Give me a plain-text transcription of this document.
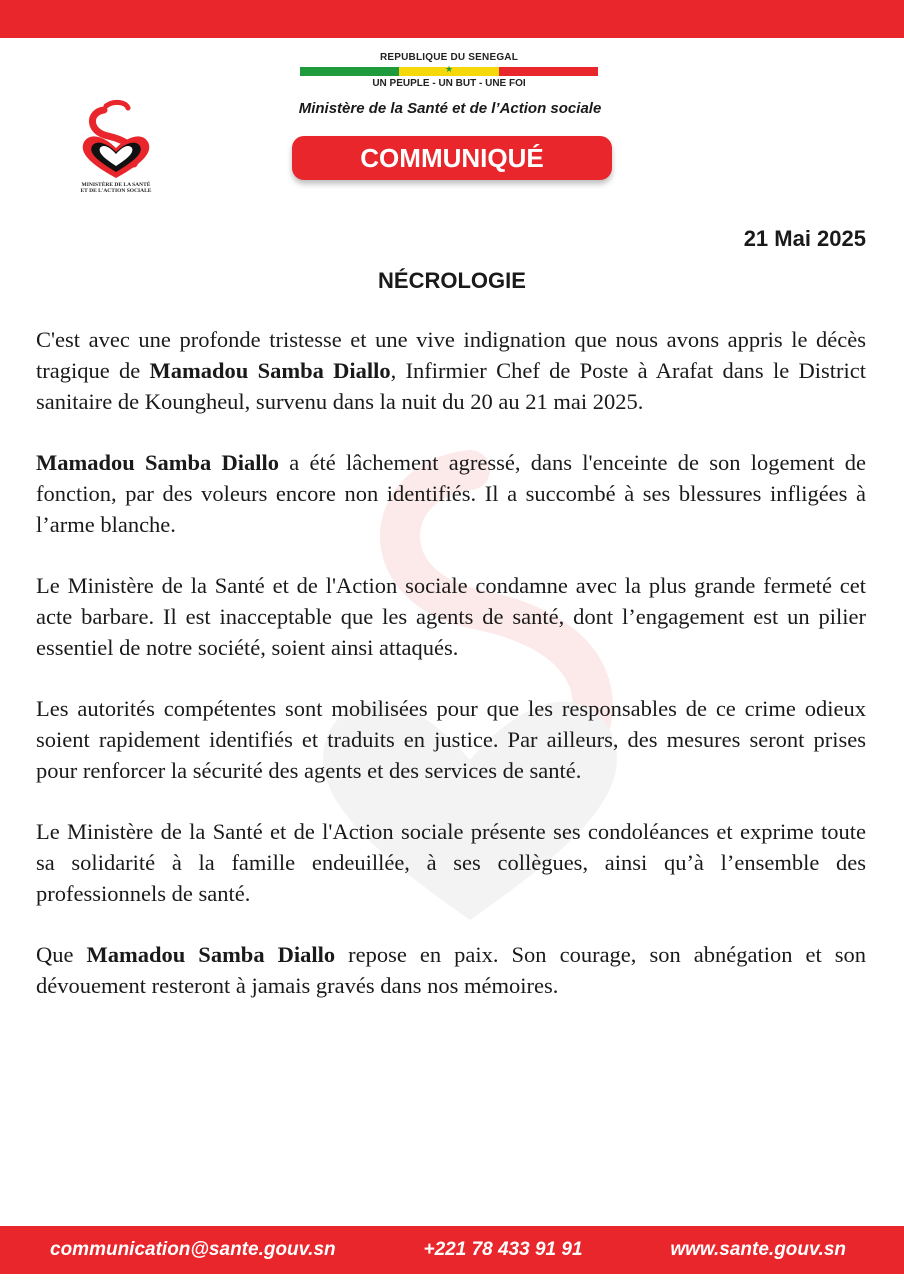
MINISTÈRE DE LA SANTÉ
ET DE L'ACTION SOCIALE
REPUBLIQUE DU SENEGAL
★
UN PEUPLE - UN BUT - UNE FOI
Ministère de la Santé et de l’Action sociale
COMMUNIQUÉ
21 Mai 2025
NÉCROLOGIE

C'est avec une profonde tristesse et une vive indignation que nous avons appris le décès tragique de Mamadou Samba Diallo, Infirmier Chef de Poste à Arafat dans le District sanitaire de Koungheul, survenu dans la nuit du 20 au 21 mai 2025.

Mamadou Samba Diallo a été lâchement agressé, dans l'enceinte de son logement de fonction, par des voleurs encore non identifiés. Il a succombé à ses blessures infligées à l’arme blanche.

Le Ministère de la Santé et de l'Action sociale condamne avec la plus grande fermeté cet acte barbare. Il est inacceptable que les agents de santé, dont l’engagement est un pilier essentiel de notre société, soient ainsi attaqués.

Les autorités compétentes sont mobilisées pour que les responsables de ce crime odieux soient rapidement identifiés et traduits en justice. Par ailleurs, des mesures seront prises pour renforcer la sécurité des agents et des services de santé.

Le Ministère de la Santé et de l'Action sociale présente ses condoléances et exprime toute sa solidarité à la famille endeuillée, à ses collègues, ainsi qu’à l’ensemble des professionnels de santé.

Que Mamadou Samba Diallo repose en paix. Son courage, son abnégation et son dévouement resteront à jamais gravés dans nos mémoires.

communication@sante.gouv.sn	+221 78 433 91 91	www.sante.gouv.sn
